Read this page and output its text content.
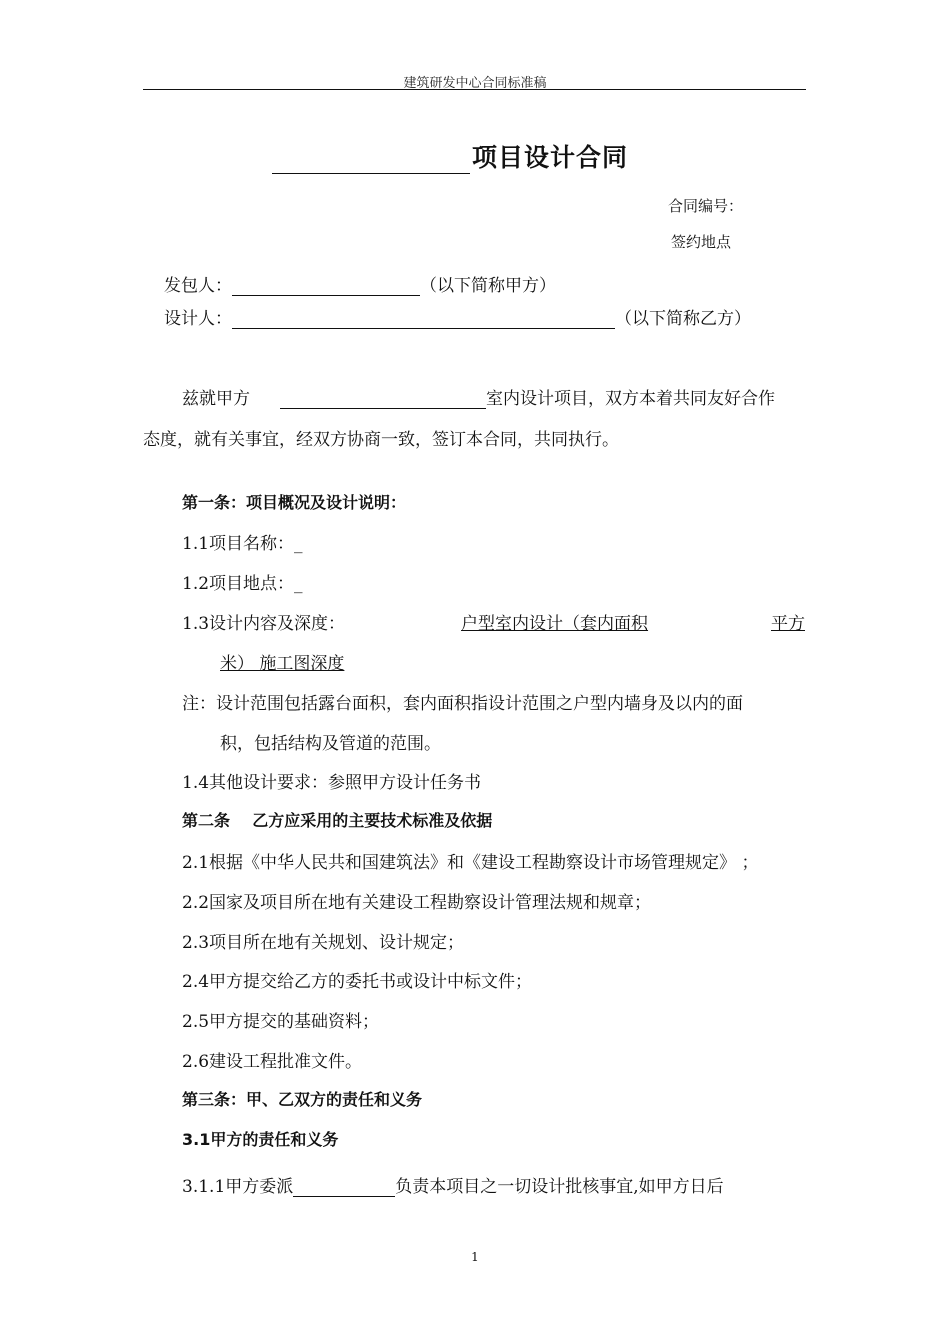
建筑研发中心合同标准稿
项目设计合同
合同编号：
签约地点
发包人：	（以下简称甲方）
设计人：	（以下简称乙方）
兹就甲方	室内设计项目，双方本着共同友好合作
态度，就有关事宜，经双方协商一致，签订本合同，共同执行。
第一条：项目概况及设计说明：
1.1项目名称：_
1.2项目地点：_
1.3设计内容及深度：	户型室内设计（套内面积	平方
米） 施工图深度
注：设计范围包括露台面积，套内面积指设计范围之户型内墙身及以内的面
积，包括结构及管道的范围。
1.4其他设计要求：参照甲方设计任务书
第二条    乙方应采用的主要技术标准及依据
2.1根据《中华人民共和国建筑法》和《建设工程勘察设计市场管理规定》 ；
2.2国家及项目所在地有关建设工程勘察设计管理法规和规章；
2.3项目所在地有关规划、设计规定；
2.4甲方提交给乙方的委托书或设计中标文件；
2.5甲方提交的基础资料；
2.6建设工程批准文件。
第三条：甲、乙双方的责任和义务
3.1甲方的责任和义务
3.1.1甲方委派	负责本项目之一切设计批核事宜,如甲方日后
1
